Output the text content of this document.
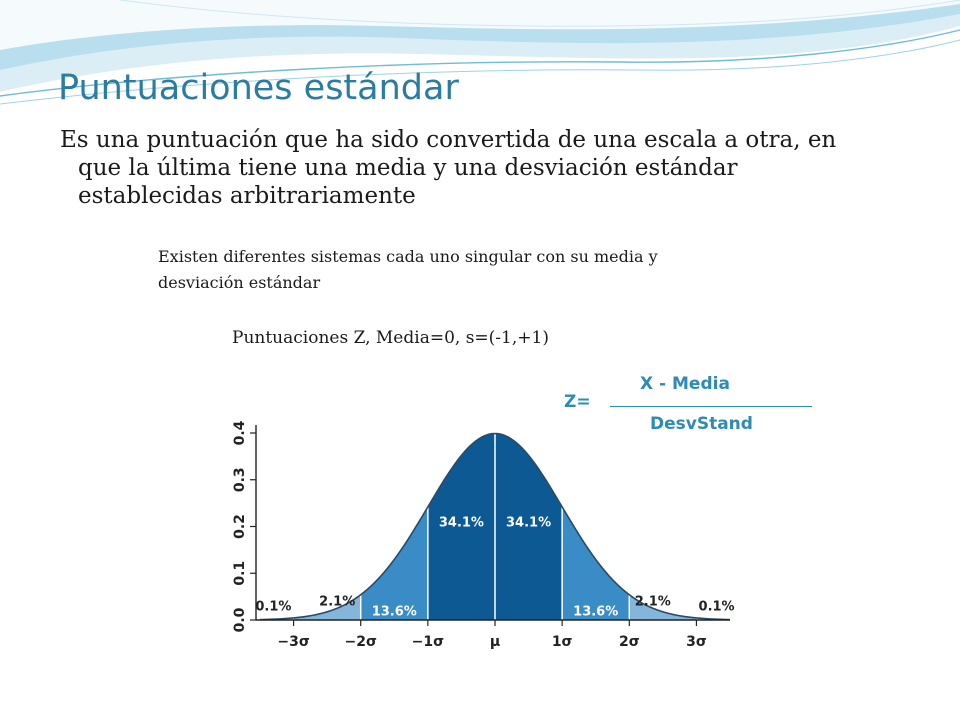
Puntuaciones estándar

Es una puntuación que ha sido convertida de una escala a otra, en que la última tiene una media y una desviación estándar establecidas arbitrariamente

Existen diferentes sistemas cada uno singular con su media y desviación estándar

Puntuaciones Z, Media=0, s=(-1,+1)

Z=
X - Media
DesvStand
0.0
0.1
0.2
0.3
0.4
−3σ −2σ −1σ	μ	1σ	2σ	3σ
0.1% 2.1%
13.6%
34.1% 34.1%
13.6%
2.1% 0.1%
